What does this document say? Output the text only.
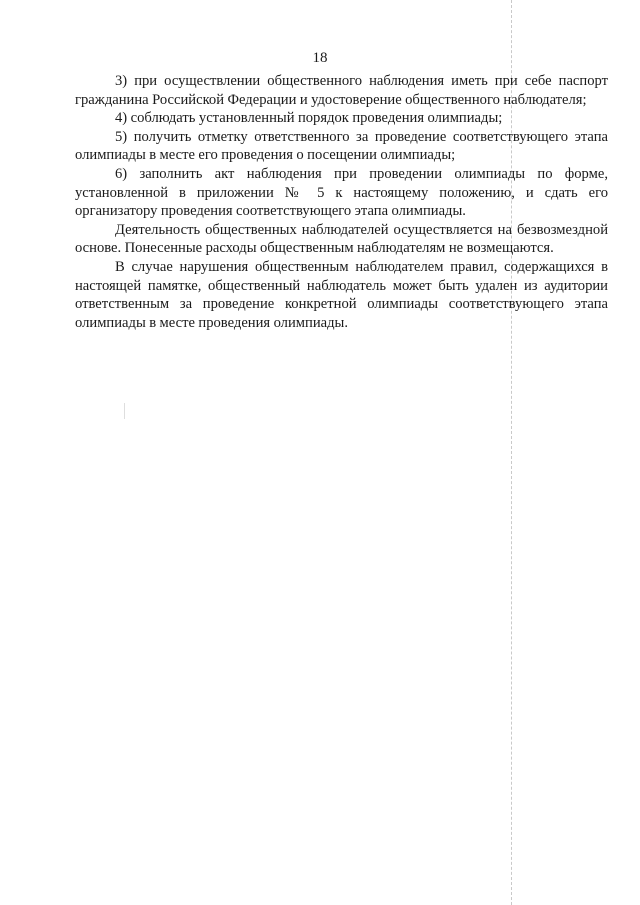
18

3) при осуществлении общественного наблюдения иметь при себе паспорт гражданина Российской Федерации и удостоверение общественного наблюдателя;

4) соблюдать установленный порядок проведения олимпиады;

5) получить отметку ответственного за проведение соответствующего этапа олимпиады в месте его проведения о посещении олимпиады;

6) заполнить акт наблюдения при проведении олимпиады по форме, установленной в приложении № 5 к настоящему положению, и сдать его организатору проведения соответствующего этапа олимпиады.

Деятельность общественных наблюдателей осуществляется на безвозмездной основе. Понесенные расходы общественным наблюдателям не возмещаются.

В случае нарушения общественным наблюдателем правил, содержащихся в настоящей памятке, общественный наблюдатель может быть удален из аудитории ответственным за проведение конкретной олимпиады соответствующего этапа олимпиады в месте проведения олимпиады.
